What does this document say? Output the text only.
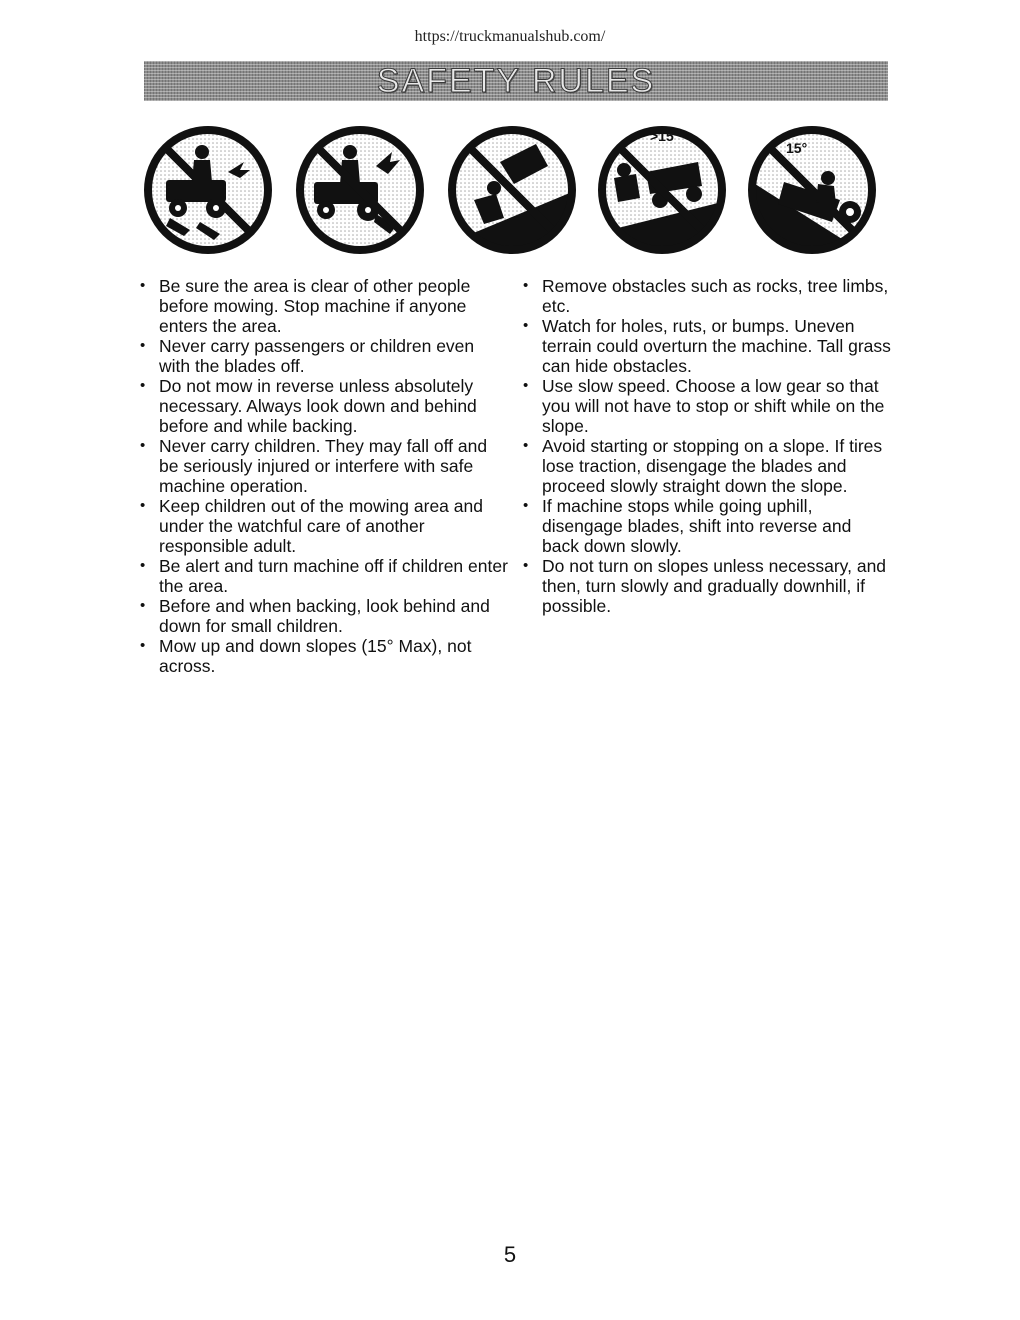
https://truckmanualshub.com/
SAFETY RULES
>15°
15°
• Be sure the area is clear of other people before mowing. Stop machine if anyone enters the area.
• Never carry passengers or children even with the blades off.
• Do not mow in reverse unless absolutely necessary. Always look down and behind before and while backing.
• Never carry children. They may fall off and be seriously injured or interfere with safe machine operation.
• Keep children out of the mowing area and under the watchful care of another responsible adult.
• Be alert and turn machine off if children enter the area.
• Before and when backing, look behind and down for small children.
• Mow up and down slopes (15° Max), not across.
• Remove obstacles such as rocks, tree limbs, etc.
• Watch for holes, ruts, or bumps. Uneven terrain could overturn the machine. Tall grass can hide obstacles.
• Use slow speed. Choose a low gear so that you will not have to stop or shift while on the slope.
• Avoid starting or stopping on a slope. If tires lose traction, disengage the blades and proceed slowly straight down the slope.
• If machine stops while going uphill, disengage blades, shift into reverse and back down slowly.
• Do not turn on slopes unless necessary, and then, turn slowly and gradually downhill, if possible.
5
